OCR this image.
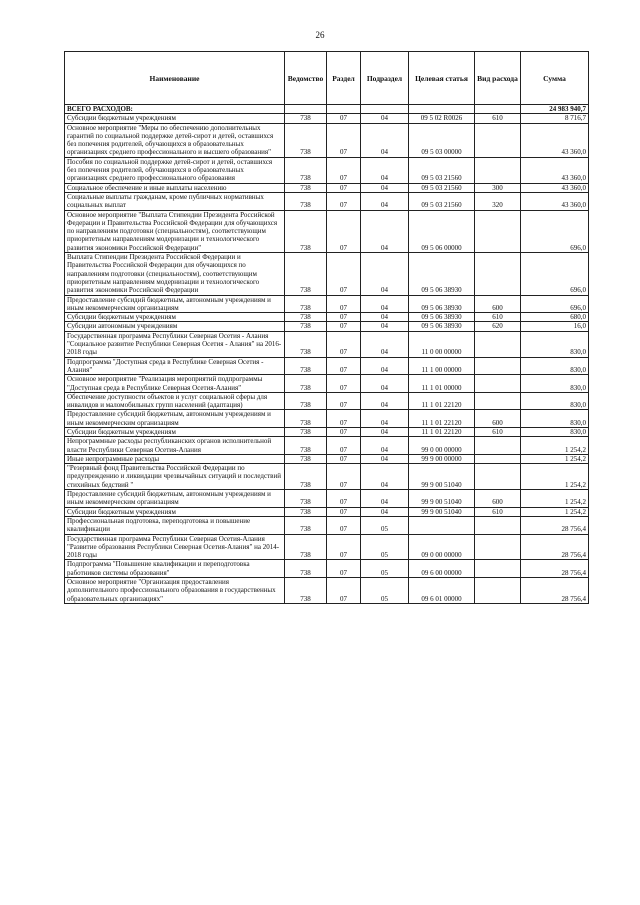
26
Наименование	Ведомство	Раздел	Подраздел	Целевая статья	Вид расхода	Сумма
ВСЕГО РАСХОДОВ:						24 983 940,7
Субсидии бюджетным учреждениям	738	07	04	09 5 02 R0026	610	8 716,7
Основное мероприятие "Меры по обеспечению дополнительных гарантий по социальной поддержке детей-сирот и детей, оставшихся без попечения родителей, обучающихся в образовательных организациях среднего профессионального и высшего образования"	738	07	04	09 5 03 00000		43 360,0
Пособия по социальной поддержке детей-сирот и детей, оставшихся без попечения родителей, обучающихся в образовательных организациях среднего профессионального образования	738	07	04	09 5 03 21560		43 360,0
Социальное обеспечение и иные выплаты населению	738	07	04	09 5 03 21560	300	43 360,0
Социальные выплаты гражданам, кроме публичных нормативных социальных выплат	738	07	04	09 5 03 21560	320	43 360,0
Основное мероприятие "Выплата Стипендии Президента Российской Федерации и Правительства Российской Федерации для обучающихся по направлениям подготовки (специальностям), соответствующим приоритетным направлениям модернизации и технологического развития экономики Российской Федерации"	738	07	04	09 5 06 00000		696,0
Выплата Стипендии Президента Российской Федерации и Правительства Российской Федерации для обучающихся по направлениям подготовки (специальностям), соответствующим приоритетным направлениям модернизации и технологического развития экономики Российской Федерации	738	07	04	09 5 06 38930		696,0
Предоставление субсидий бюджетным, автономным учреждениям и иным некоммерческим организациям	738	07	04	09 5 06 38930	600	696,0
Субсидии бюджетным учреждениям	738	07	04	09 5 06 38930	610	680,0
Субсидии автономным учреждениям	738	07	04	09 5 06 38930	620	16,0
Государственная программа Республики Северная Осетия - Алания "Социальное развитие Республики Северная Осетия - Алания" на 2016-2018 годы	738	07	04	11 0 00 00000		830,0
Подпрограмма "Доступная среда в Республике Северная Осетия - Алания"	738	07	04	11 1 00 00000		830,0
Основное мероприятие "Реализация мероприятий подпрограммы "Доступная среда в Республике Северная Осетия-Алания"	738	07	04	11 1 01 00000		830,0
Обеспечение доступности объектов и услуг социальной сферы для инвалидов и маломобильных групп населений (адаптация)	738	07	04	11 1 01 22120		830,0
Предоставление субсидий бюджетным, автономным учреждениям и иным некоммерческим организациям	738	07	04	11 1 01 22120	600	830,0
Субсидии бюджетным учреждениям	738	07	04	11 1 01 22120	610	830,0
Непрограммные расходы республиканских органов исполнительной власти Республики Северная Осетия-Алания	738	07	04	99 0 00 00000		1 254,2
Иные непрограммные расходы	738	07	04	99 9 00 00000		1 254,2
"Резервный фонд Правительства Российской Федерации по предупреждению и ликвидации чрезвычайных ситуаций и последствий стихийных бедствий "	738	07	04	99 9 00 51040		1 254,2
Предоставление субсидий бюджетным, автономным учреждениям и иным некоммерческим организациям	738	07	04	99 9 00 51040	600	1 254,2
Субсидии бюджетным учреждениям	738	07	04	99 9 00 51040	610	1 254,2
Профессиональная подготовка, переподготовка и повышение квалификации	738	07	05			28 756,4
Государственная программа Республики Северная Осетия-Алания "Развитие образования Республики Северная Осетия-Алания" на 2014-2018 годы	738	07	05	09 0 00 00000		28 756,4
Подпрограмма "Повышение квалификации и переподготовка работников системы образования"	738	07	05	09 6 00 00000		28 756,4
Основное мероприятие "Организация предоставления дополнительного профессионального образования в государственных образовательных организациях"	738	07	05	09 6 01 00000		28 756,4
